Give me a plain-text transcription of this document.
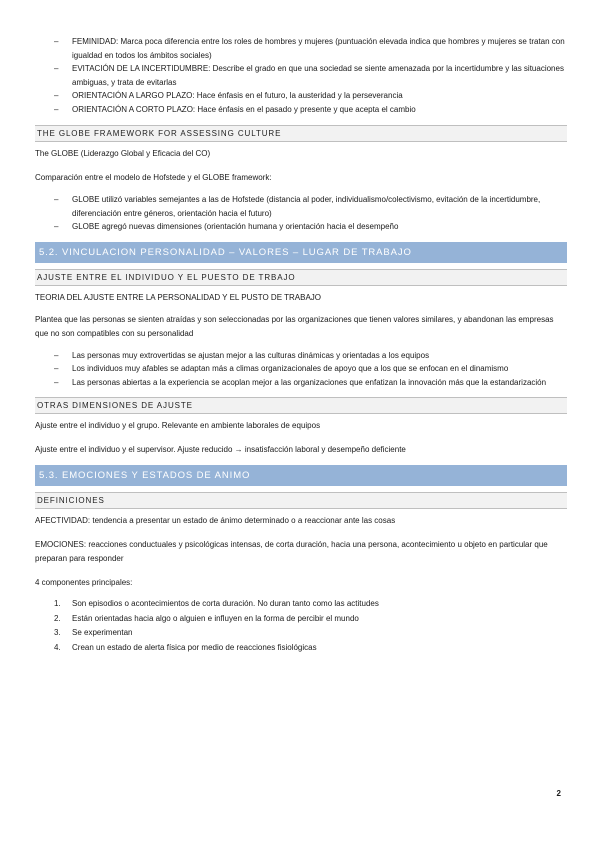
– FEMINIDAD: Marca poca diferencia entre los roles de hombres y mujeres (puntuación elevada indica que hombres y mujeres se tratan con igualdad en todos los ámbitos sociales)
– EVITACIÓN DE LA INCERTIDUMBRE: Describe el grado en que una sociedad se siente amenazada por la incertidumbre y las situaciones ambiguas, y trata de evitarlas
– ORIENTACIÓN A LARGO PLAZO: Hace énfasis en el futuro, la austeridad y la perseverancia
– ORIENTACIÓN A CORTO PLAZO: Hace énfasis en el pasado y presente y que acepta el cambio
THE GLOBE FRAMEWORK FOR ASSESSING CULTURE
The GLOBE (Liderazgo Global y Eficacia del CO)
Comparación entre el modelo de Hofstede y el GLOBE framework:
– GLOBE utilizó variables semejantes a las de Hofstede (distancia al poder, individualismo/colectivismo, evitación de la incertidumbre, diferenciación entre géneros, orientación hacia el futuro)
– GLOBE agregó nuevas dimensiones (orientación humana y orientación hacia el desempeño
5.2. VINCULACION PERSONALIDAD – VALORES – LUGAR DE TRABAJO
AJUSTE ENTRE EL INDIVIDUO Y EL PUESTO DE TRBAJO
TEORIA DEL AJUSTE ENTRE LA PERSONALIDAD Y EL PUSTO DE TRABAJO
Plantea que las personas se sienten atraídas y son seleccionadas por las organizaciones que tienen valores similares, y abandonan las empresas que no son compatibles con su personalidad
– Las personas muy extrovertidas se ajustan mejor a las culturas dinámicas y orientadas a los equipos
– Los individuos muy afables se adaptan más a climas organizacionales de apoyo que a los que se enfocan en el dinamismo
– Las personas abiertas a la experiencia se acoplan mejor a las organizaciones que enfatizan la innovación más que la estandarización
OTRAS DIMENSIONES DE AJUSTE
Ajuste entre el individuo y el grupo. Relevante en ambiente laborales de equipos
Ajuste entre el individuo y el supervisor. Ajuste reducido → insatisfacción laboral y desempeño deficiente
5.3. EMOCIONES Y ESTADOS DE ANIMO
DEFINICIONES
AFECTIVIDAD: tendencia a presentar un estado de ánimo determinado o a reaccionar ante las cosas
EMOCIONES: reacciones conductuales y psicológicas intensas, de corta duración, hacia una persona, acontecimiento u objeto en particular que preparan para responder
4 componentes principales:
1. Son episodios o acontecimientos de corta duración. No duran tanto como las actitudes
2. Están orientadas hacia algo o alguien e influyen en la forma de percibir el mundo
3. Se experimentan
4. Crean un estado de alerta física por medio de reacciones fisiológicas
2
